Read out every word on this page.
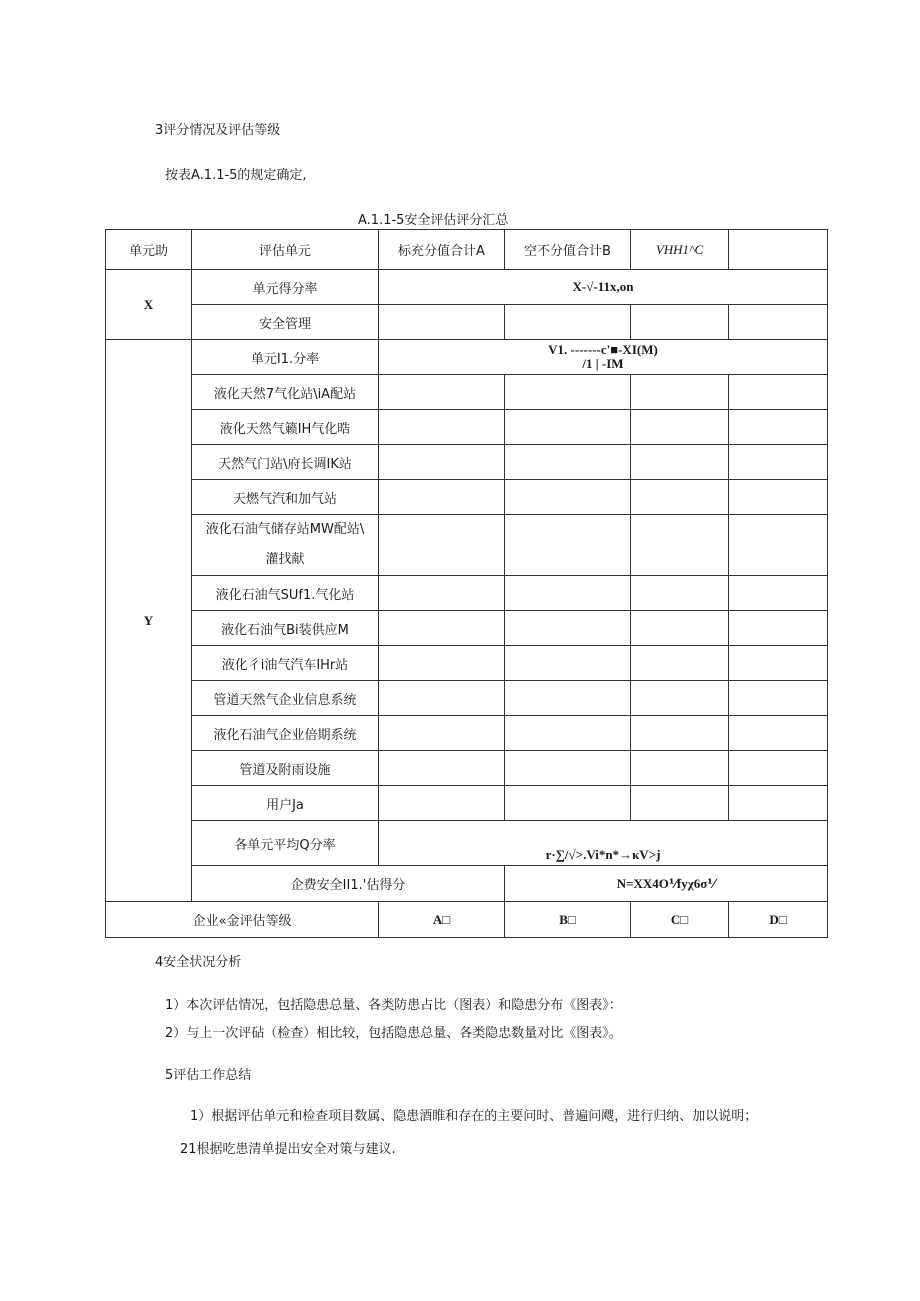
3评分情况及评估等级
按表A.1.1-5的规定确定,
A.1.1-5安全评估评分汇总
单元助	评估单元	标充分值合计A	空不分值合计B	VHH1^C		
X	单元得分率	X-√-11x,on				
	安全管理					
Y	单元I1.分率	V1. -------c'■-XI(M)
/1 | -IM				

	液化天然7气化站\iA配站					
	液化天然气籁IH气化晧					
	天然气门站\府长调IK站					
	天燃气汽和加气站					

	液化石油气储存站MW配站\
灌找献					

	液化石油气SUf1.气化站					
	液化石油气Bi装供应M					
	液化彳i油气汽车IHr站					
	管道天然气企业信息系统					
	液化石油气企业倍期系统					
	管道及附雨设施					
	用户Ja					
	各单元平均Q分率	r·∑/√>.Vi*n*→κV>j				
	企费安全II1.'估得分		N=XX4O⅟fyχ6σ⅟			
企业«金评估等级		A□	B□	C□	D□	
4安全状况分析
1）本次评估情况，包括隐患总量、各类防患占比（图表）和隐患分布《图表》：
2）与上一次评砧（检查）相比较，包括隐患总量、各类隐忠数量对比《图表》。
5评估工作总结
1）根据评估单元和检查项目数属、隐患酒睢和存在的主要问时、普遍问飕，进行归纳、加以说明；
21根据吃患清单提出安全对策与建议.
